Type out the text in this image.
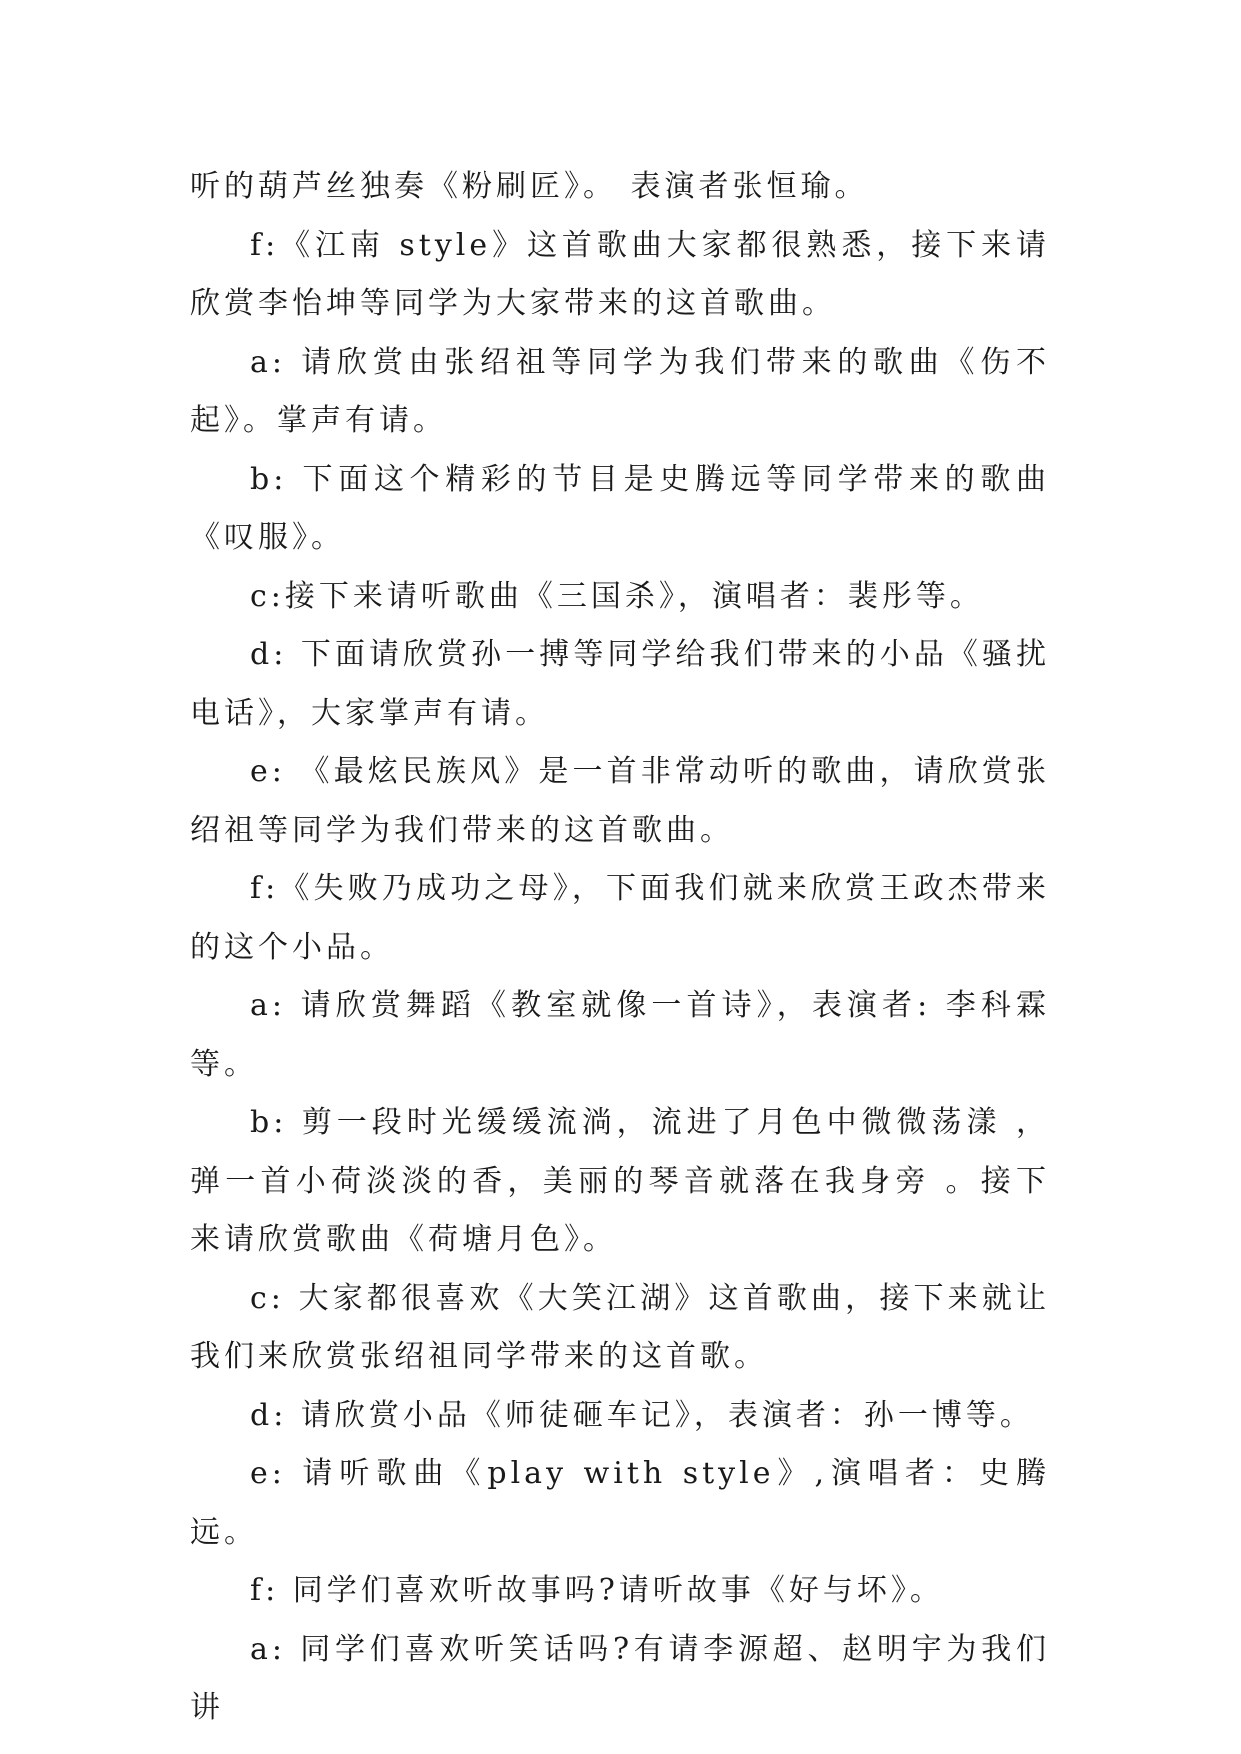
听的葫芦丝独奏《粉刷匠》。 表演者张恒瑜。

f:《江南 style》这首歌曲大家都很熟悉，接下来请欣赏李怡坤等同学为大家带来的这首歌曲。

a: 请欣赏由张绍祖等同学为我们带来的歌曲《伤不起》。掌声有请。

b: 下面这个精彩的节目是史腾远等同学带来的歌曲《叹服》。

c:接下来请听歌曲《三国杀》，演唱者：裴彤等。

d: 下面请欣赏孙一搏等同学给我们带来的小品《骚扰电话》，大家掌声有请。

e: 《最炫民族风》是一首非常动听的歌曲，请欣赏张绍祖等同学为我们带来的这首歌曲。

f:《失败乃成功之母》，下面我们就来欣赏王政杰带来的这个小品。

a: 请欣赏舞蹈《教室就像一首诗》，表演者: 李科霖等。

b: 剪一段时光缓缓流淌，流进了月色中微微荡漾 ，弹一首小荷淡淡的香，美丽的琴音就落在我身旁 。接下来请欣赏歌曲《荷塘月色》。

c: 大家都很喜欢《大笑江湖》这首歌曲，接下来就让我们来欣赏张绍祖同学带来的这首歌。

d: 请欣赏小品《师徒砸车记》，表演者：孙一博等。

e: 请听歌曲《play with style》,演唱者：史腾远。

f: 同学们喜欢听故事吗?请听故事《好与坏》。

a: 同学们喜欢听笑话吗?有请李源超、赵明宇为我们讲
